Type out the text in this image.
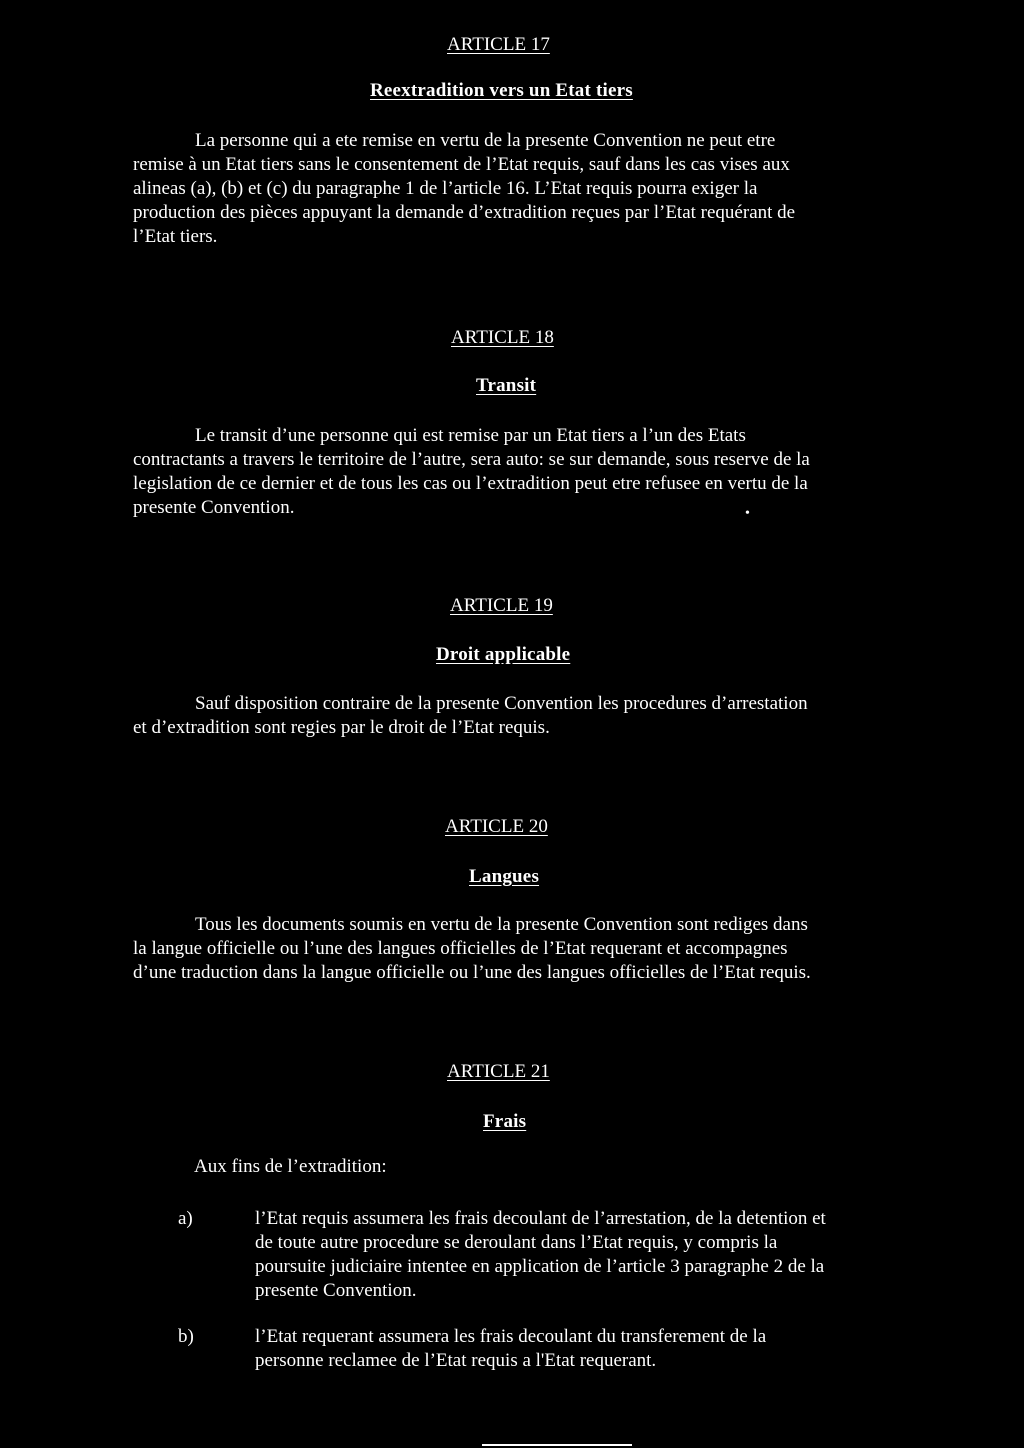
ARTICLE 17
Reextradition vers un Etat tiers
La personne qui a ete remise en vertu de la presente Convention ne peut etre
remise à un Etat tiers sans le consentement de l’Etat requis, sauf dans les cas vises aux
alineas (a), (b) et (c) du paragraphe 1 de l’article 16. L’Etat requis pourra exiger la
production des pièces appuyant la demande d’extradition reçues par l’Etat requérant de
l’Etat tiers.
ARTICLE 18
Transit
Le transit d’une personne qui est remise par un Etat tiers a l’un des Etats
contractants a travers le territoire de l’autre, sera auto: se sur demande, sous reserve de la
legislation de ce dernier et de tous les cas ou l’extradition peut etre refusee en vertu de la
presente Convention.	•
ARTICLE 19
Droit applicable
Sauf disposition contraire de la presente Convention les procedures d’arrestation
et d’extradition sont regies par le droit de l’Etat requis.
ARTICLE 20
Langues
Tous les documents soumis en vertu de la presente Convention sont rediges dans
la langue officielle ou l’une des langues officielles de l’Etat requerant et accompagnes
d’une traduction dans la langue officielle ou l’une des langues officielles de l’Etat requis.
ARTICLE 21
Frais
Aux fins de l’extradition:
a)	l’Etat requis assumera les frais decoulant de l’arrestation, de la detention et
de toute autre procedure se deroulant dans l’Etat requis, y compris la
poursuite judiciaire intentee en application de l’article 3 paragraphe 2 de la
presente Convention.
b)	l’Etat requerant assumera les frais decoulant du transferement de la
personne reclamee de l’Etat requis a l'Etat requerant.
